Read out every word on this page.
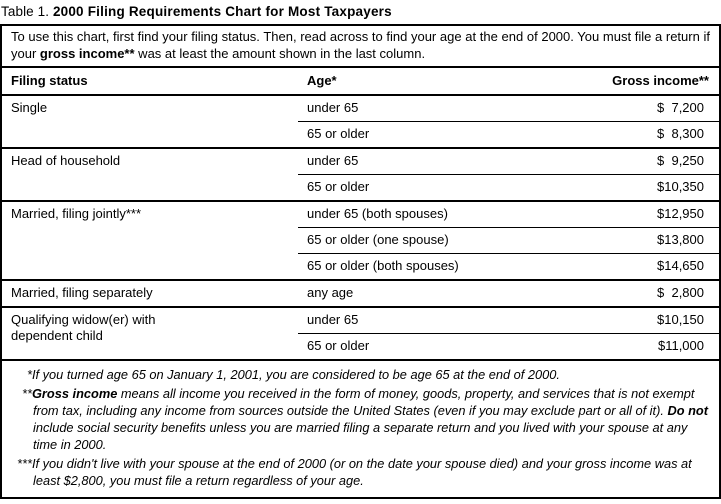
Table 1. 2000 Filing Requirements Chart for Most Taxpayers
To use this chart, first find your filing status. Then, read across to find your age at the end of 2000. You must file a return if your gross income** was at least the amount shown in the last column.
Filing status	Age*	Gross income**
Single	under 65	$ 7,200
	65 or older	$ 8,300
Head of household	under 65	$ 9,250
	65 or older	$10,350
Married, filing jointly***	under 65 (both spouses)	$12,950
	65 or older (one spouse)	$13,800
	65 or older (both spouses)	$14,650
Married, filing separately	any age	$ 2,800
Qualifying widow(er) with dependent child	under 65	$10,150
	65 or older	$11,000

*If you turned age 65 on January 1, 2001, you are considered to be age 65 at the end of 2000.

**Gross income means all income you received in the form of money, goods, property, and services that is not exempt from tax, including any income from sources outside the United States (even if you may exclude part or all of it). Do not include social security benefits unless you are married filing a separate return and you lived with your spouse at any time in 2000.

***If you didn't live with your spouse at the end of 2000 (or on the date your spouse died) and your gross income was at least $2,800, you must file a return regardless of your age.
